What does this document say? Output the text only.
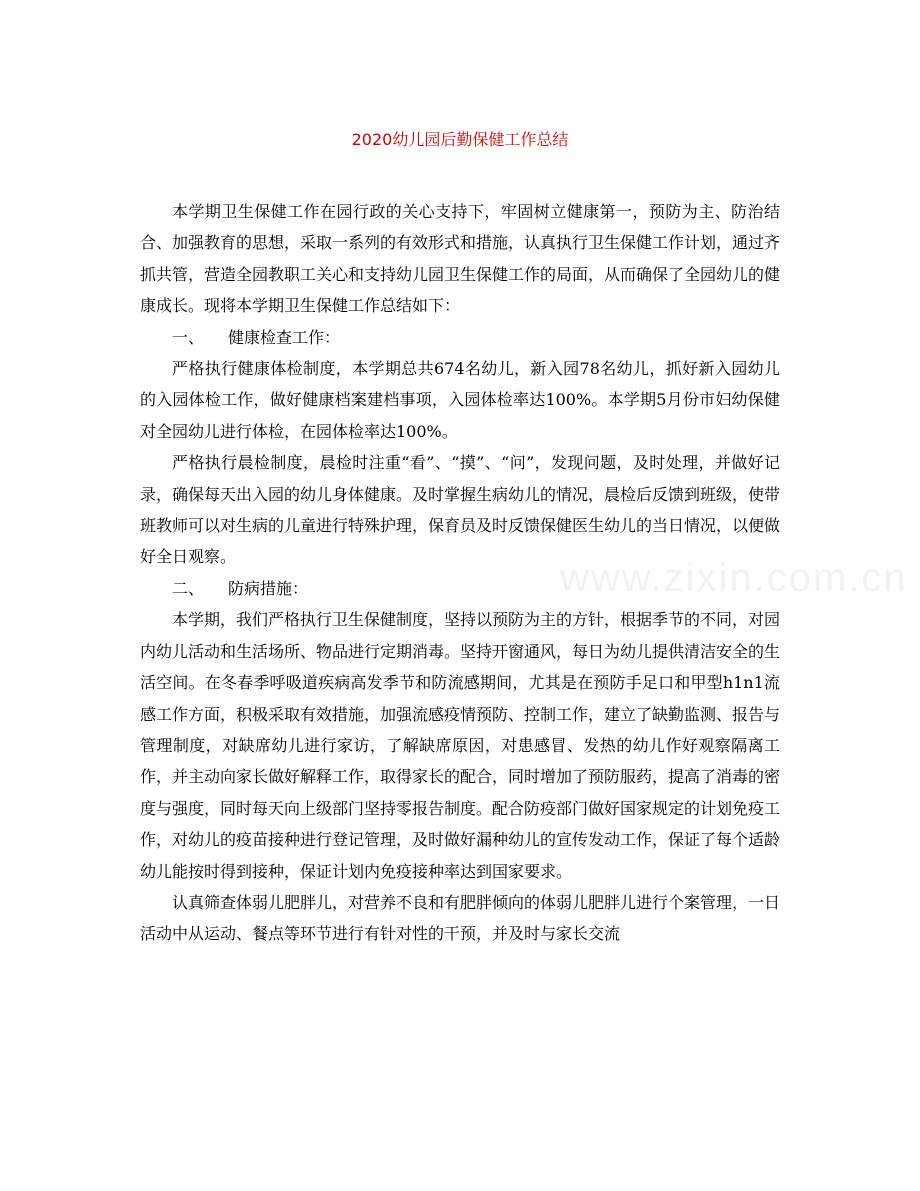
www.zixin.com.cn
2020幼儿园后勤保健工作总结

本学期卫生保健工作在园行政的关心支持下，牢固树立健康第一，预防为主、防治结合、加强教育的思想，采取一系列的有效形式和措施，认真执行卫生保健工作计划，通过齐抓共管，营造全园教职工关心和支持幼儿园卫生保健工作的局面，从而确保了全园幼儿的健康成长。现将本学期卫生保健工作总结如下：

一、 健康检查工作：

严格执行健康体检制度，本学期总共674名幼儿，新入园78名幼儿，抓好新入园幼儿的入园体检工作，做好健康档案建档事项，入园体检率达100%。本学期5月份市妇幼保健对全园幼儿进行体检，在园体检率达100%。

严格执行晨检制度，晨检时注重“看”、“摸”、“问”，发现问题，及时处理，并做好记录，确保每天出入园的幼儿身体健康。及时掌握生病幼儿的情况，晨检后反馈到班级，使带班教师可以对生病的儿童进行特殊护理，保育员及时反馈保健医生幼儿的当日情况，以便做好全日观察。

二、 防病措施：

本学期，我们严格执行卫生保健制度，坚持以预防为主的方针，根据季节的不同，对园内幼儿活动和生活场所、物品进行定期消毒。坚持开窗通风，每日为幼儿提供清洁安全的生活空间。在冬春季呼吸道疾病高发季节和防流感期间，尤其是在预防手足口和甲型h1n1流感工作方面，积极采取有效措施，加强流感疫情预防、控制工作，建立了缺勤监测、报告与管理制度，对缺席幼儿进行家访，了解缺席原因，对患感冒、发热的幼儿作好观察隔离工作，并主动向家长做好解释工作，取得家长的配合，同时增加了预防服药，提高了消毒的密度与强度，同时每天向上级部门坚持零报告制度。配合防疫部门做好国家规定的计划免疫工作，对幼儿的疫苗接种进行登记管理，及时做好漏种幼儿的宣传发动工作，保证了每个适龄幼儿能按时得到接种，保证计划内免疫接种率达到国家要求。

认真筛查体弱儿肥胖儿，对营养不良和有肥胖倾向的体弱儿肥胖儿进行个案管理，一日活动中从运动、餐点等环节进行有针对性的干预，并及时与家长交流
